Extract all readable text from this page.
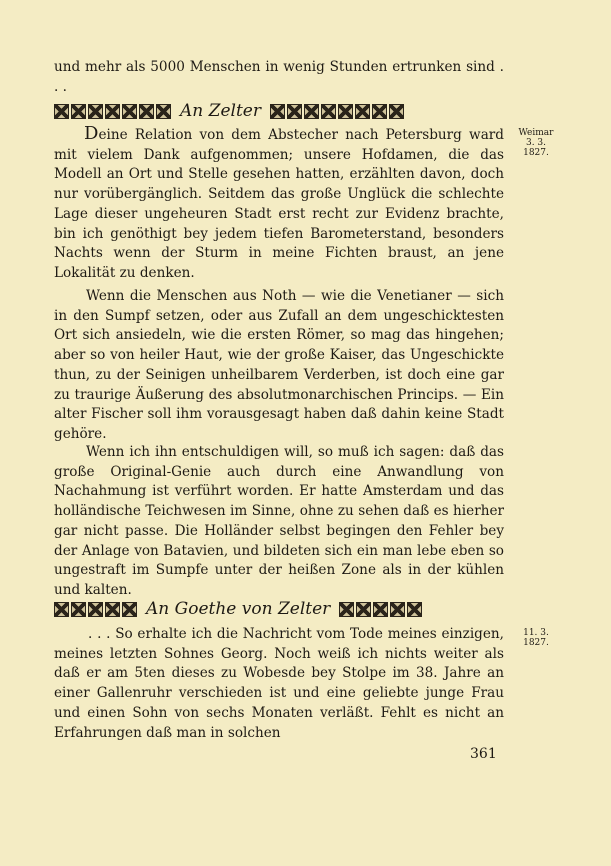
und mehr als 5000 Menschen in wenig Stunden ertrunken sind . . .

An Zelter
Weimar
3. 3.
1827.

Deine Relation von dem Abstecher nach Petersburg ward mit vielem Dank aufgenommen; unsere Hofdamen, die das Modell an Ort und Stelle gesehen hatten, erzählten davon, doch nur vorübergänglich. Seitdem das große Unglück die schlechte Lage dieser ungeheuren Stadt erst recht zur Evidenz brachte, bin ich genöthigt bey jedem tiefen Barometerstand, besonders Nachts wenn der Sturm in meine Fichten braust, an jene Lokalität zu denken.

Wenn die Menschen aus Noth — wie die Venetianer — sich in den Sumpf setzen, oder aus Zufall an dem ungeschicktesten Ort sich ansiedeln, wie die ersten Römer, so mag das hingehen; aber so von heiler Haut, wie der große Kaiser, das Ungeschickte thun, zu der Seinigen unheilbarem Verderben, ist doch eine gar zu traurige Äußerung des absolutmonarchischen Princips. — Ein alter Fischer soll ihm vorausgesagt haben daß dahin keine Stadt gehöre.

Wenn ich ihn entschuldigen will, so muß ich sagen: daß das große Original-Genie auch durch eine Anwandlung von Nachahmung ist verführt worden. Er hatte Amsterdam und das holländische Teichwesen im Sinne, ohne zu sehen daß es hierher gar nicht passe. Die Holländer selbst begingen den Fehler bey der Anlage von Batavien, und bildeten sich ein man lebe eben so ungestraft im Sumpfe unter der heißen Zone als in der kühlen und kalten.

An Goethe von Zelter
11. 3.
1827.

. . . So erhalte ich die Nachricht vom Tode meines einzigen, meines letzten Sohnes Georg. Noch weiß ich nichts weiter als daß er am 5ten dieses zu Wobesde bey Stolpe im 38. Jahre an einer Gallenruhr verschieden ist und eine geliebte junge Frau und einen Sohn von sechs Monaten verläßt. Fehlt es nicht an Erfahrungen daß man in solchen

361
